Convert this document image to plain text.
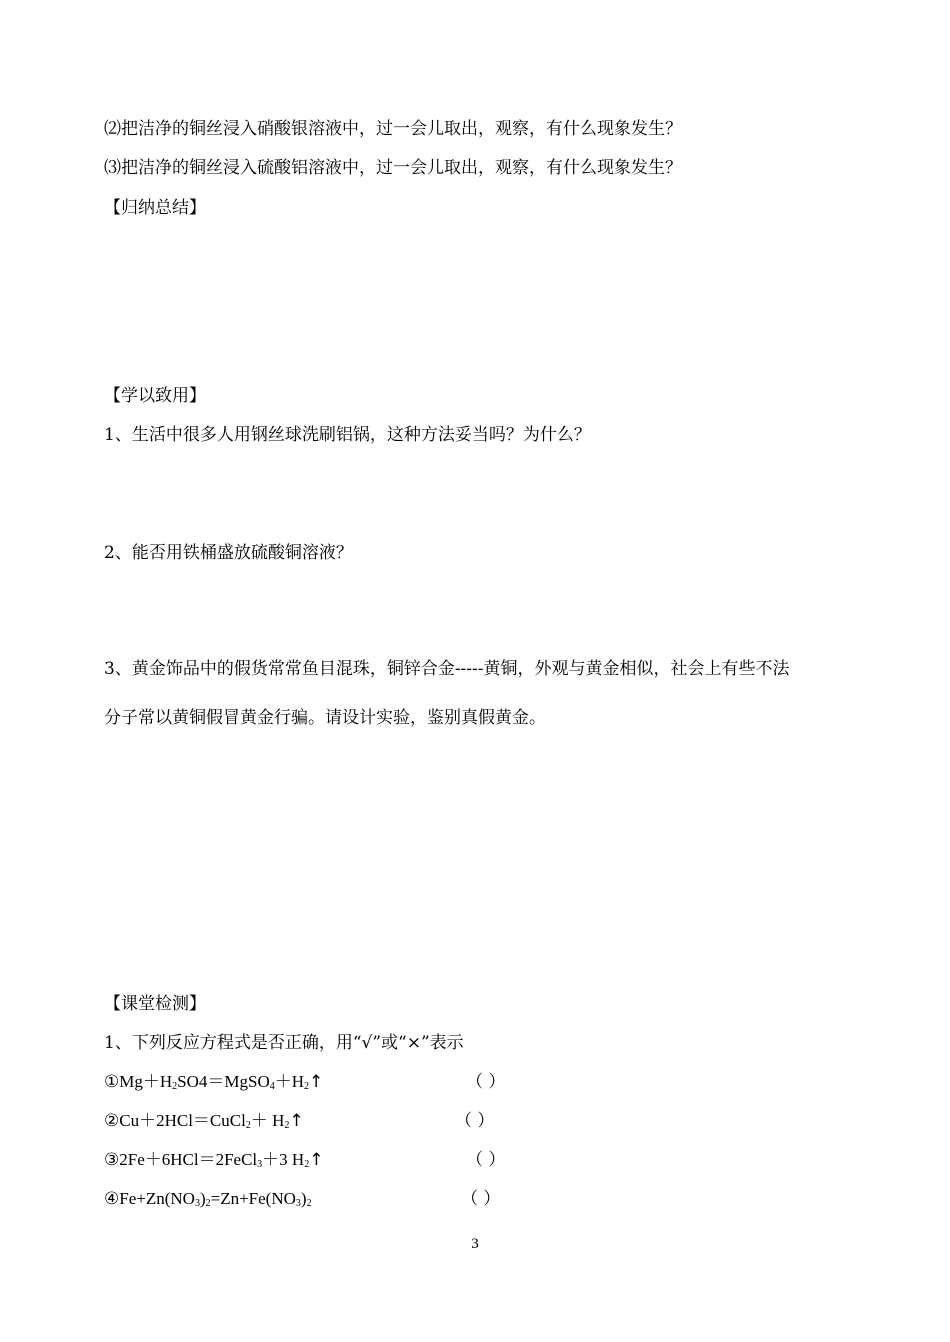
⑵把洁净的铜丝浸入硝酸银溶液中，过一会儿取出，观察，有什么现象发生？
⑶把洁净的铜丝浸入硫酸铝溶液中，过一会儿取出，观察，有什么现象发生？
【归纳总结】
【学以致用】
1、生活中很多人用钢丝球洗刷铝锅，这种方法妥当吗？为什么？
2、能否用铁桶盛放硫酸铜溶液？
3、黄金饰品中的假货常常鱼目混珠，铜锌合金-----黄铜，外观与黄金相似，社会上有些不法
分子常以黄铜假冒黄金行骗。请设计实验，鉴别真假黄金。
【课堂检测】
1、下列反应方程式是否正确，用“√”或“×”表示
$①Mg+H_2SO4=MgSO_4+H_2↑$	（ ）
②Cu＋2HCl＝CuCl$_2$＋ $H_2↑$	（ ）
③2Fe＋6HCl＝2FeCl$_3$＋3 $H_2↑$	（ ）
$④Fe+Zn(NO_3)_2=Zn+Fe(NO_3)_2$	（ ）
3
